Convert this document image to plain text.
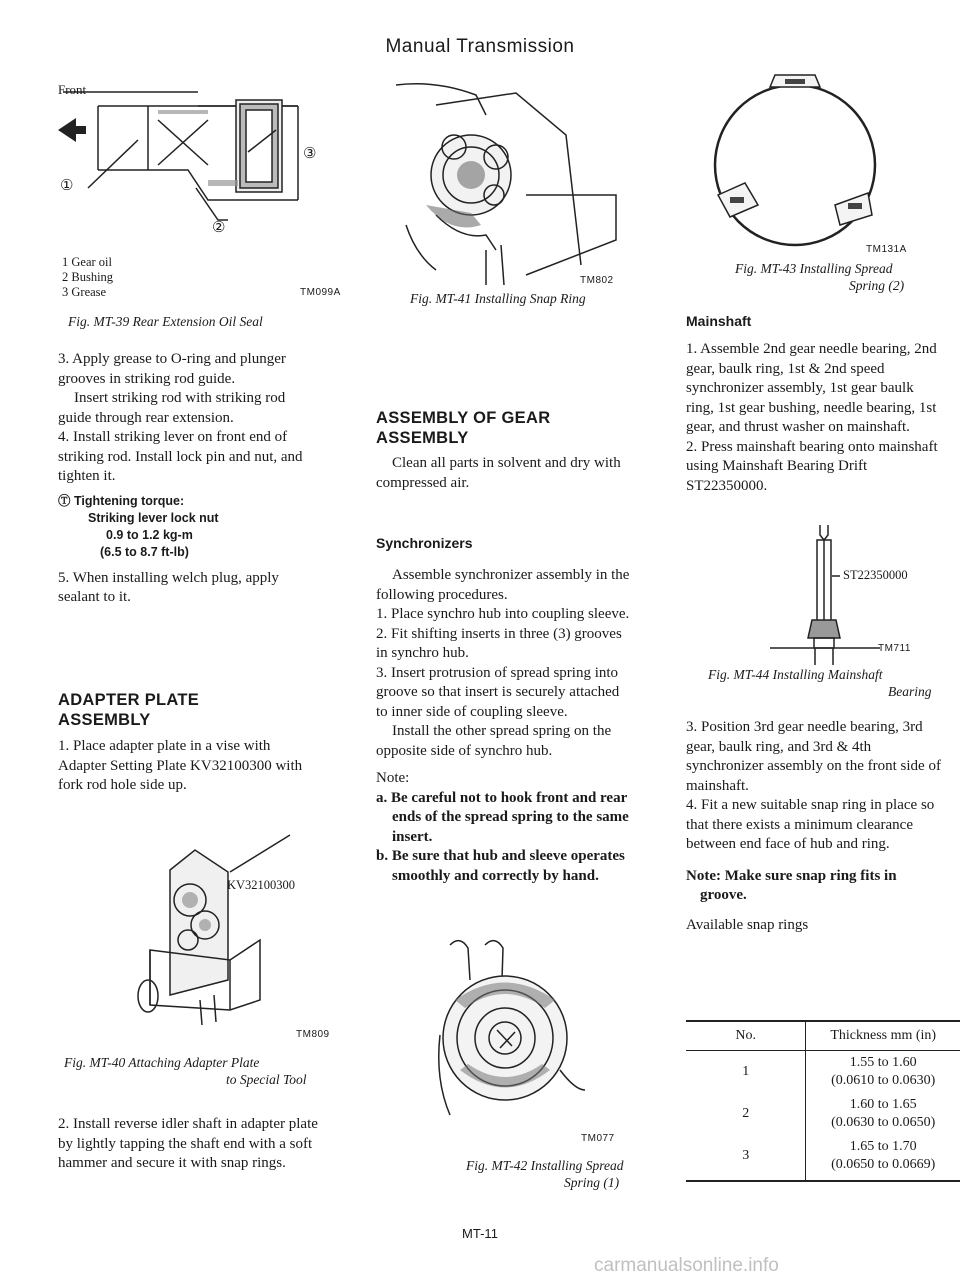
Manual Transmission
Front
①
②
③
1 Gear oil
2 Bushing
3 Grease	TM099A
Fig. MT-39 Rear Extension Oil Seal

3. Apply grease to O-ring and plunger grooves in striking rod guide.

Insert striking rod with striking rod guide through rear extension.

4. Install striking lever on front end of striking rod. Install lock pin and nut, and tighten it.

Ⓣ Tightening torque:
Striking lever lock nut
0.9 to 1.2 kg-m
(6.5 to 8.7 ft-lb)

5. When installing welch plug, apply sealant to it.

ADAPTER PLATE
ASSEMBLY
1. Place adapter plate in a vise with Adapter Setting Plate KV32100300 with fork rod hole side up.
KV32100300
TM809
Fig. MT-40 Attaching Adapter Plate
to Special Tool
2. Install reverse idler shaft in adapter plate by lightly tapping the shaft end with a soft hammer and secure it with snap rings.
TM802
Fig. MT-41 Installing Snap Ring
ASSEMBLY OF GEAR
ASSEMBLY
Clean all parts in solvent and dry with compressed air.
Synchronizers

Assemble synchronizer assembly in the following procedures.

1. Place synchro hub into coupling sleeve.

2. Fit shifting inserts in three (3) grooves in synchro hub.

3. Insert protrusion of spread spring into groove so that insert is securely attached to inner side of coupling sleeve.

Install the other spread spring on the opposite side of synchro hub.

Note:

a. Be careful not to hook front and rear ends of the spread spring to the same insert.

b. Be sure that hub and sleeve operates smoothly and correctly by hand.

TM077
Fig. MT-42 Installing Spread
Spring (1)
TM131A
Fig. MT-43 Installing Spread
Spring (2)
Mainshaft

1. Assemble 2nd gear needle bearing, 2nd gear, baulk ring, 1st & 2nd speed synchronizer assembly, 1st gear baulk ring, 1st gear bushing, needle bearing, 1st gear, and thrust washer on mainshaft.

2. Press mainshaft bearing onto mainshaft using Mainshaft Bearing Drift ST22350000.

ST22350000
TM711
Fig. MT-44 Installing Mainshaft
Bearing

3. Position 3rd gear needle bearing, 3rd gear, baulk ring, and 3rd & 4th synchronizer assembly on the front side of mainshaft.

4. Fit a new suitable snap ring in place so that there exists a minimum clearance between end face of hub and ring.

Note: Make sure snap ring fits in groove.

Available snap rings

No.	Thickness mm (in)
1	1.55 to 1.60
(0.0610 to 0.0630)

2	1.60 to 1.65
(0.0630 to 0.0650)

3	1.65 to 1.70
(0.0650 to 0.0669)
MT-11
carmanualsonline.info
